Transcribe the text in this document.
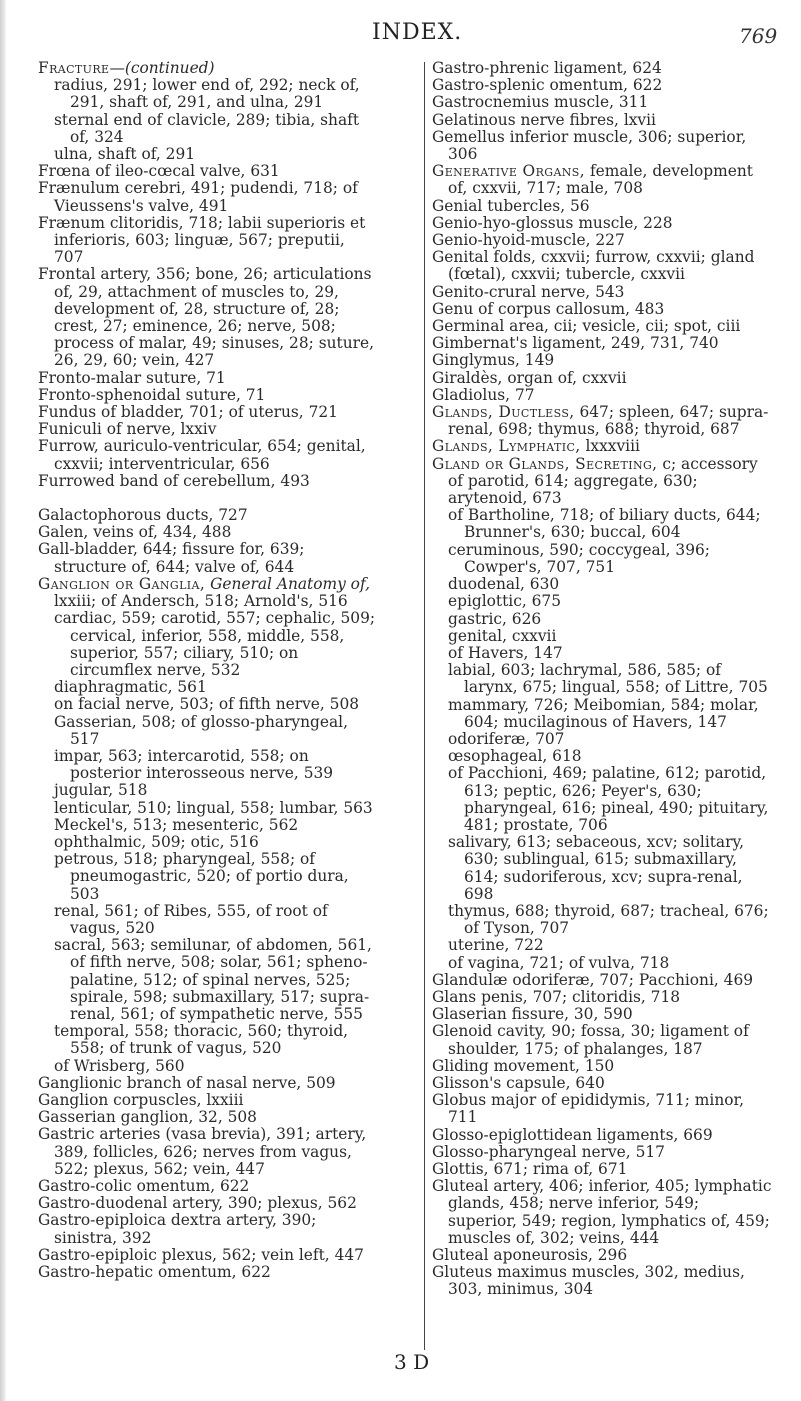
INDEX.	769

Fracture—(continued)

radius, 291; lower end of, 292; neck of, 291, shaft of, 291, and ulna, 291

sternal end of clavicle, 289; tibia, shaft of, 324

ulna, shaft of, 291

Frœna of ileo-cœcal valve, 631

Frænulum cerebri, 491; pudendi, 718; of Vieussens's valve, 491

Frænum clitoridis, 718; labii superioris et inferioris, 603; linguæ, 567; preputii, 707

Frontal artery, 356; bone, 26; articulations of, 29, attachment of muscles to, 29, development of, 28, structure of, 28; crest, 27; eminence, 26; nerve, 508; process of malar, 49; sinuses, 28; suture, 26, 29, 60; vein, 427

Fronto-malar suture, 71

Fronto-sphenoidal suture, 71

Fundus of bladder, 701; of uterus, 721

Funiculi of nerve, lxxiv

Furrow, auriculo-ventricular, 654; genital, cxxvii; interventricular, 656

Furrowed band of cerebellum, 493

Galactophorous ducts, 727

Galen, veins of, 434, 488

Gall-bladder, 644; fissure for, 639; structure of, 644; valve of, 644

Ganglion or Ganglia, General Anatomy of, lxxiii; of Andersch, 518; Arnold's, 516

cardiac, 559; carotid, 557; cephalic, 509; cervical, inferior, 558, middle, 558, superior, 557; ciliary, 510; on circumflex nerve, 532

diaphragmatic, 561

on facial nerve, 503; of fifth nerve, 508

Gasserian, 508; of glosso-pharyngeal, 517

impar, 563; intercarotid, 558; on posterior interosseous nerve, 539

jugular, 518

lenticular, 510; lingual, 558; lumbar, 563

Meckel's, 513; mesenteric, 562

ophthalmic, 509; otic, 516

petrous, 518; pharyngeal, 558; of pneumogastric, 520; of portio dura, 503

renal, 561; of Ribes, 555, of root of vagus, 520

sacral, 563; semilunar, of abdomen, 561, of fifth nerve, 508; solar, 561; spheno-palatine, 512; of spinal nerves, 525; spirale, 598; submaxillary, 517; supra-renal, 561; of sympathetic nerve, 555

temporal, 558; thoracic, 560; thyroid, 558; of trunk of vagus, 520

of Wrisberg, 560

Ganglionic branch of nasal nerve, 509

Ganglion corpuscles, lxxiii

Gasserian ganglion, 32, 508

Gastric arteries (vasa brevia), 391; artery, 389, follicles, 626; nerves from vagus, 522; plexus, 562; vein, 447

Gastro-colic omentum, 622

Gastro-duodenal artery, 390; plexus, 562

Gastro-epiploica dextra artery, 390; sinistra, 392

Gastro-epiploic plexus, 562; vein left, 447

Gastro-hepatic omentum, 622

Gastro-phrenic ligament, 624

Gastro-splenic omentum, 622

Gastrocnemius muscle, 311

Gelatinous nerve fibres, lxvii

Gemellus inferior muscle, 306; superior, 306

Generative Organs, female, development of, cxxvii, 717; male, 708

Genial tubercles, 56

Genio-hyo-glossus muscle, 228

Genio-hyoid-muscle, 227

Genital folds, cxxvii; furrow, cxxvii; gland (fœtal), cxxvii; tubercle, cxxvii

Genito-crural nerve, 543

Genu of corpus callosum, 483

Germinal area, cii; vesicle, cii; spot, ciii

Gimbernat's ligament, 249, 731, 740

Ginglymus, 149

Giraldès, organ of, cxxvii

Gladiolus, 77

Glands, Ductless, 647; spleen, 647; supra-renal, 698; thymus, 688; thyroid, 687

Glands, Lymphatic, lxxxviii

Gland or Glands, Secreting, c; accessory of parotid, 614; aggregate, 630; arytenoid, 673

of Bartholine, 718; of biliary ducts, 644; Brunner's, 630; buccal, 604

ceruminous, 590; coccygeal, 396; Cowper's, 707, 751

duodenal, 630

epiglottic, 675

gastric, 626

genital, cxxvii

of Havers, 147

labial, 603; lachrymal, 586, 585; of larynx, 675; lingual, 558; of Littre, 705

mammary, 726; Meibomian, 584; molar, 604; mucilaginous of Havers, 147

odoriferæ, 707

œsophageal, 618

of Pacchioni, 469; palatine, 612; parotid, 613; peptic, 626; Peyer's, 630; pharyngeal, 616; pineal, 490; pituitary, 481; prostate, 706

salivary, 613; sebaceous, xcv; solitary, 630; sublingual, 615; submaxillary, 614; sudoriferous, xcv; supra-renal, 698

thymus, 688; thyroid, 687; tracheal, 676; of Tyson, 707

uterine, 722

of vagina, 721; of vulva, 718

Glandulæ odoriferæ, 707; Pacchioni, 469

Glans penis, 707; clitoridis, 718

Glaserian fissure, 30, 590

Glenoid cavity, 90; fossa, 30; ligament of shoulder, 175; of phalanges, 187

Gliding movement, 150

Glisson's capsule, 640

Globus major of epididymis, 711; minor, 711

Glosso-epiglottidean ligaments, 669

Glosso-pharyngeal nerve, 517

Glottis, 671; rima of, 671

Gluteal artery, 406; inferior, 405; lymphatic glands, 458; nerve inferior, 549; superior, 549; region, lymphatics of, 459; muscles of, 302; veins, 444

Gluteal aponeurosis, 296

Gluteus maximus muscles, 302, medius, 303, minimus, 304

3 D
